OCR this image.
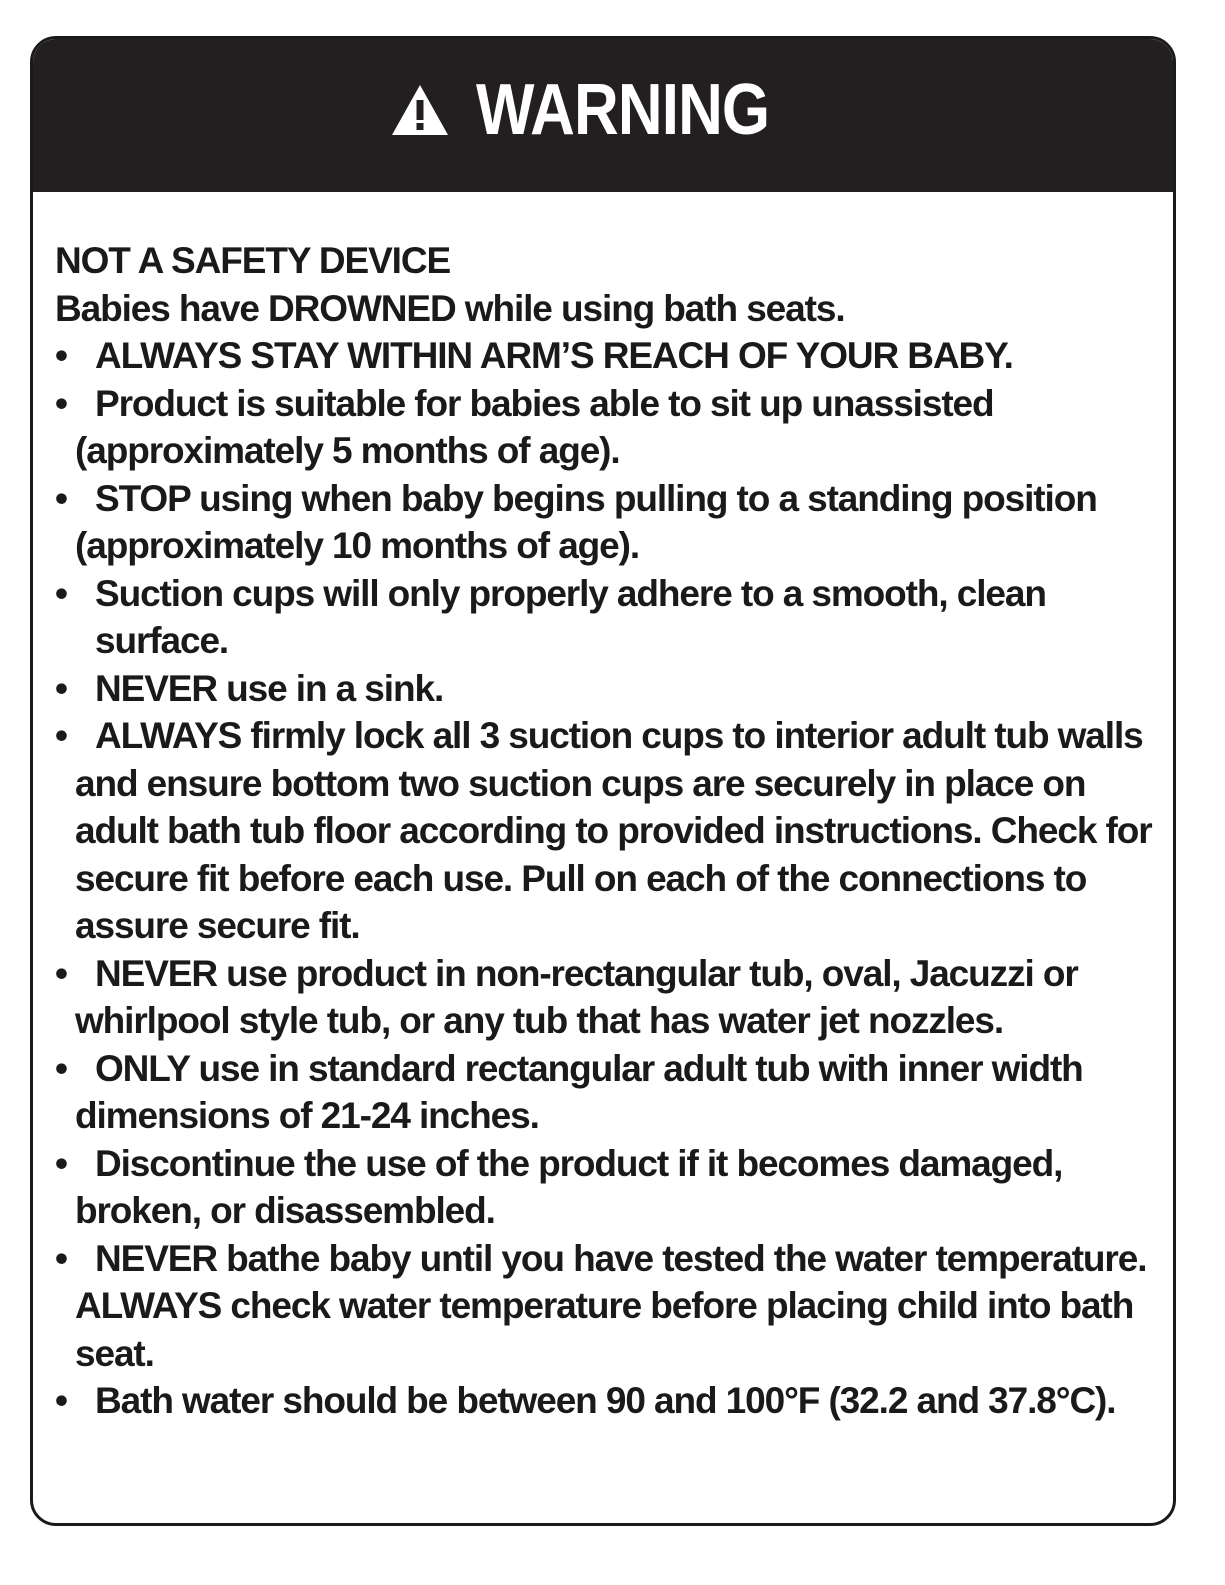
WARNING

NOT A SAFETY DEVICE

Babies have DROWNED while using bath seats.

• ALWAYS STAY WITHIN ARM’S REACH OF YOUR BABY.
• Product is suitable for babies able to sit up unassisted
(approximately 5 months of age).
• STOP using when baby begins pulling to a standing position
(approximately 10 months of age).
• Suction cups will only properly adhere to a smooth, clean
surface.
• NEVER use in a sink.
• ALWAYS firmly lock all 3 suction cups to interior adult tub walls
and ensure bottom two suction cups are securely in place on
adult bath tub floor according to provided instructions. Check for
secure fit before each use. Pull on each of the connections to
assure secure fit.
• NEVER use product in non-rectangular tub, oval, Jacuzzi or
whirlpool style tub, or any tub that has water jet nozzles.
• ONLY use in standard rectangular adult tub with inner width
dimensions of 21-24 inches.
• Discontinue the use of the product if it becomes damaged,
broken, or disassembled.
• NEVER bathe baby until you have tested the water temperature.
ALWAYS check water temperature before placing child into bath
seat.
• Bath water should be between 90 and 100°F (32.2 and 37.8°C).
